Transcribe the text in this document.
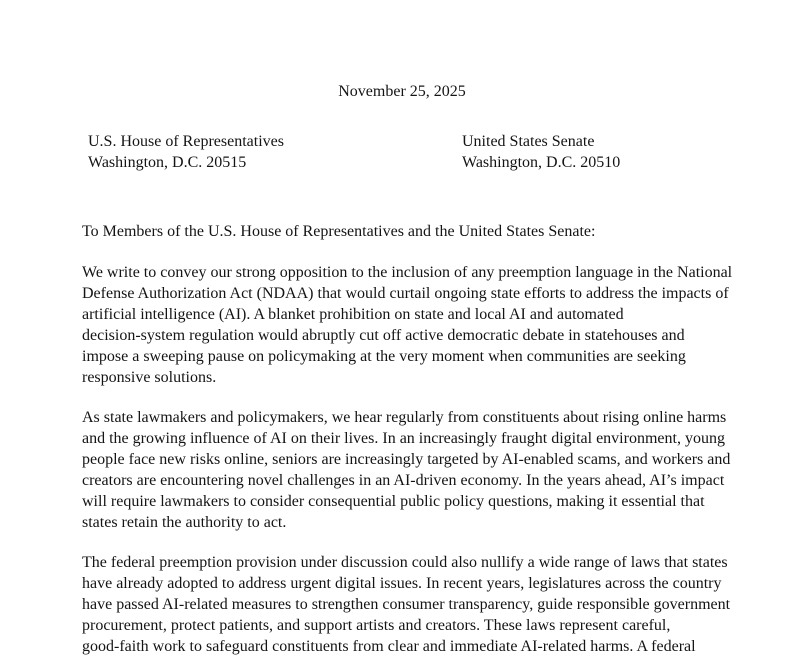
November 25, 2025
U.S. House of Representatives
Washington, D.C. 20515
United States Senate
Washington, D.C. 20510
To Members of the U.S. House of Representatives and the United States Senate:
We write to convey our strong opposition to the inclusion of any preemption language in the National
Defense Authorization Act (NDAA) that would curtail ongoing state efforts to address the impacts of
artificial intelligence (AI). A blanket prohibition on state and local AI and automated
decision-system regulation would abruptly cut off active democratic debate in statehouses and
impose a sweeping pause on policymaking at the very moment when communities are seeking
responsive solutions.
As state lawmakers and policymakers, we hear regularly from constituents about rising online harms
and the growing influence of AI on their lives. In an increasingly fraught digital environment, young
people face new risks online, seniors are increasingly targeted by AI-enabled scams, and workers and
creators are encountering novel challenges in an AI-driven economy. In the years ahead, AI’s impact
will require lawmakers to consider consequential public policy questions, making it essential that
states retain the authority to act.
The federal preemption provision under discussion could also nullify a wide range of laws that states
have already adopted to address urgent digital issues. In recent years, legislatures across the country
have passed AI-related measures to strengthen consumer transparency, guide responsible government
procurement, protect patients, and support artists and creators. These laws represent careful,
good-faith work to safeguard constituents from clear and immediate AI-related harms. A federal
